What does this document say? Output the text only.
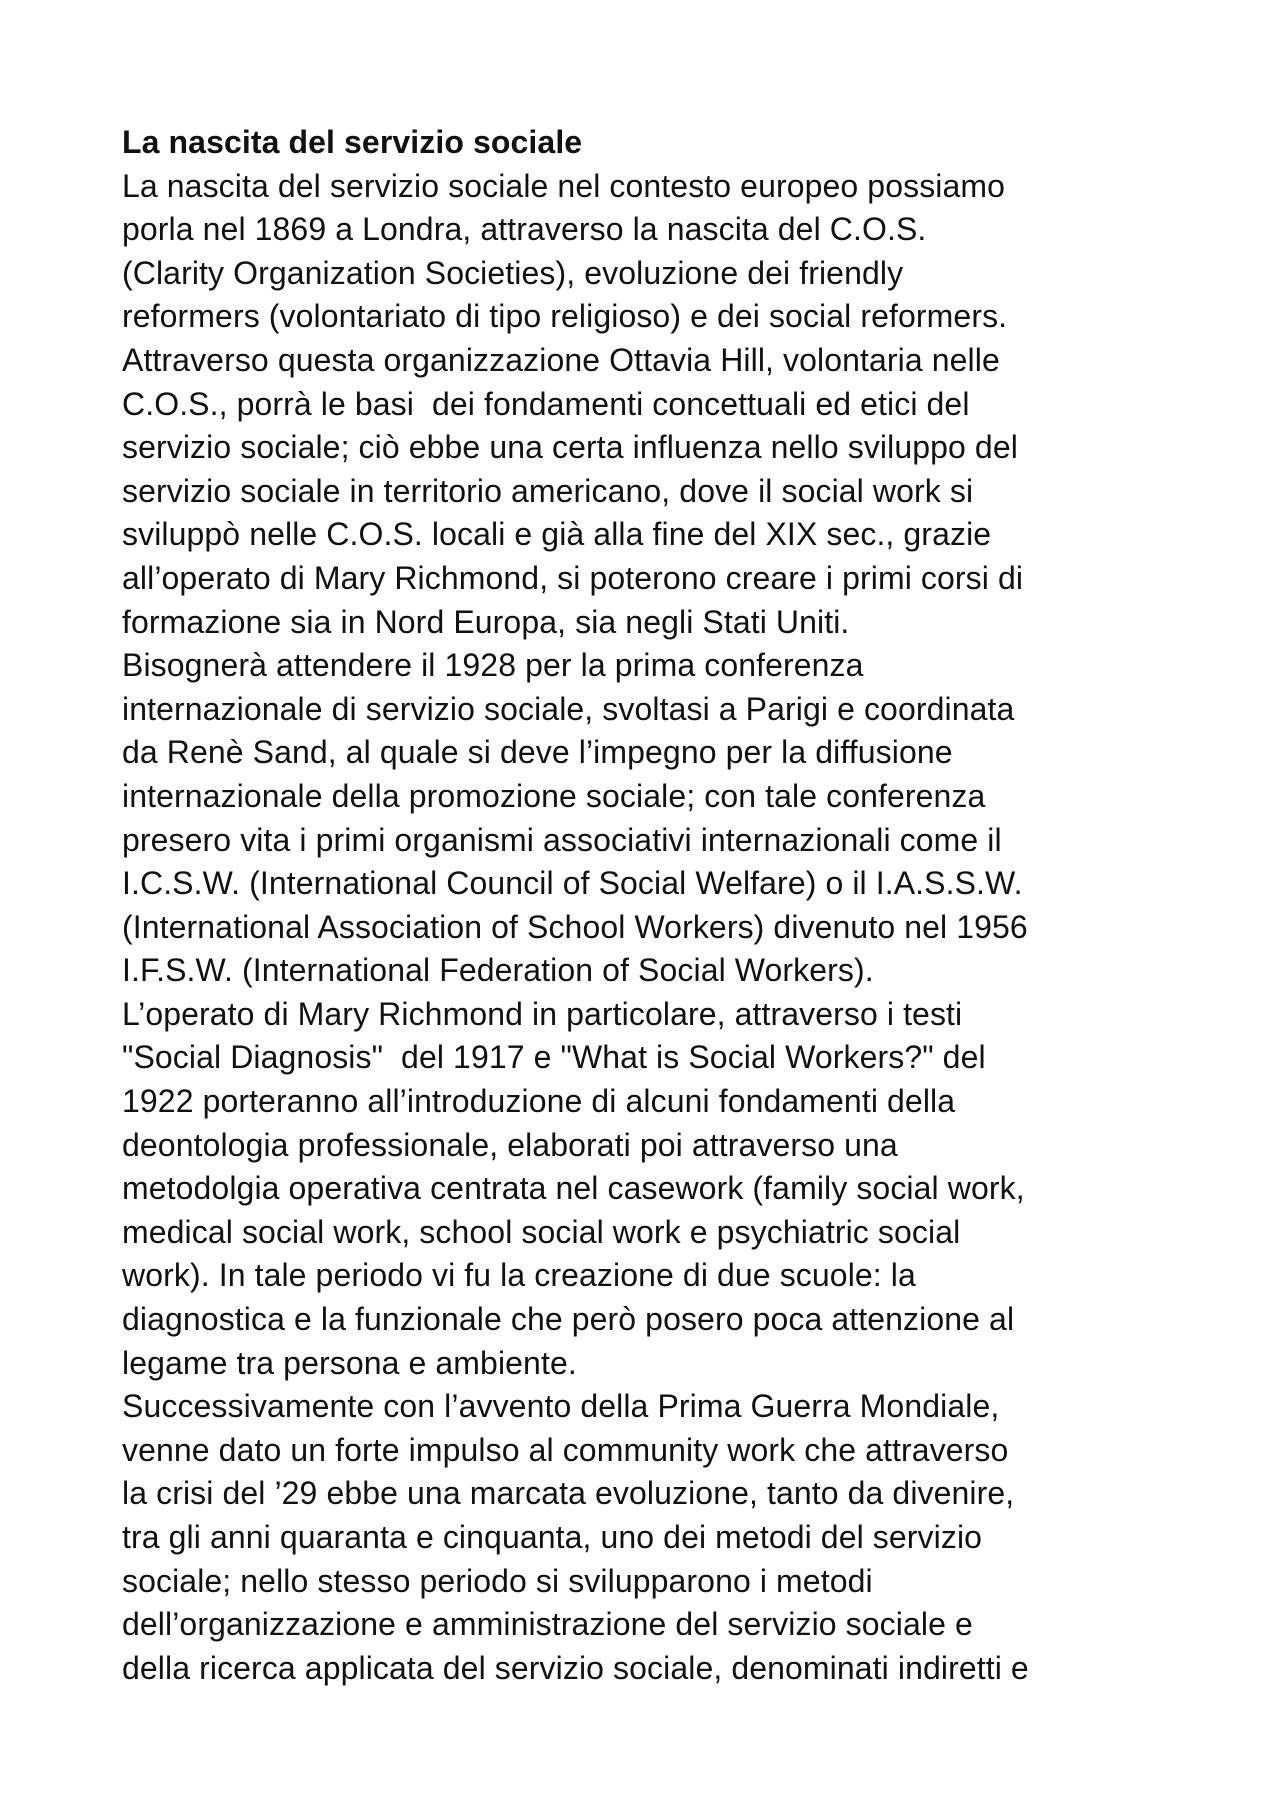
La nascita del servizio sociale
La nascita del servizio sociale nel contesto europeo possiamo
porla nel 1869 a Londra, attraverso la nascita del C.O.S.
(Clarity Organization Societies), evoluzione dei friendly
reformers (volontariato di tipo religioso) e dei social reformers.
Attraverso questa organizzazione Ottavia Hill, volontaria nelle
C.O.S., porrà le basi  dei fondamenti concettuali ed etici del
servizio sociale; ciò ebbe una certa influenza nello sviluppo del
servizio sociale in territorio americano, dove il social work si
sviluppò nelle C.O.S. locali e già alla fine del XIX sec., grazie
all’operato di Mary Richmond, si poterono creare i primi corsi di
formazione sia in Nord Europa, sia negli Stati Uniti.
Bisognerà attendere il 1928 per la prima conferenza
internazionale di servizio sociale, svoltasi a Parigi e coordinata
da Renè Sand, al quale si deve l’impegno per la diffusione
internazionale della promozione sociale; con tale conferenza
presero vita i primi organismi associativi internazionali come il
I.C.S.W. (International Council of Social Welfare) o il I.A.S.S.W.
(International Association of School Workers) divenuto nel 1956
I.F.S.W. (International Federation of Social Workers).
L’operato di Mary Richmond in particolare, attraverso i testi
"Social Diagnosis"  del 1917 e "What is Social Workers?" del
1922 porteranno all’introduzione di alcuni fondamenti della
deontologia professionale, elaborati poi attraverso una
metodolgia operativa centrata nel casework (family social work,
medical social work, school social work e psychiatric social
work). In tale periodo vi fu la creazione di due scuole: la
diagnostica e la funzionale che però posero poca attenzione al
legame tra persona e ambiente.
Successivamente con l’avvento della Prima Guerra Mondiale,
venne dato un forte impulso al community work che attraverso
la crisi del ’29 ebbe una marcata evoluzione, tanto da divenire,
tra gli anni quaranta e cinquanta, uno dei metodi del servizio
sociale; nello stesso periodo si svilupparono i metodi
dell’organizzazione e amministrazione del servizio sociale e
della ricerca applicata del servizio sociale, denominati indiretti e
